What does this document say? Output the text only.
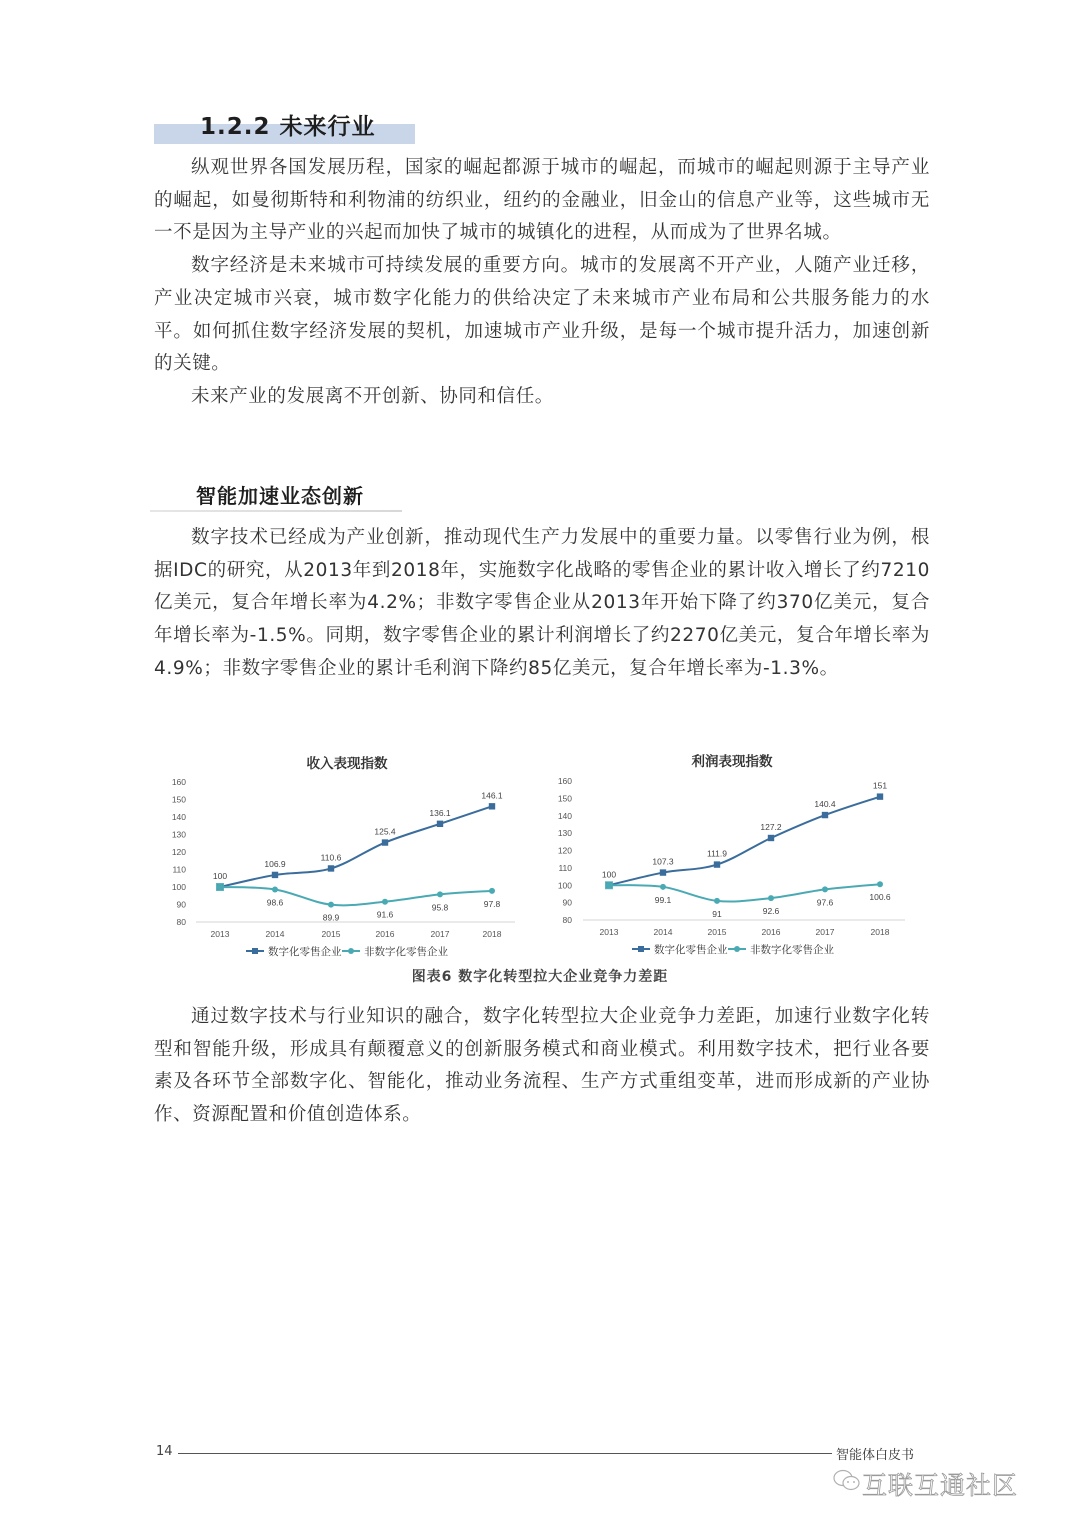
1.2.2 未来行业

纵观世界各国发展历程，国家的崛起都源于城市的崛起，而城市的崛起则源于主导产业的崛起，如曼彻斯特和利物浦的纺织业，纽约的金融业，旧金山的信息产业等，这些城市无一不是因为主导产业的兴起而加快了城市的城镇化的进程，从而成为了世界名城。

数字经济是未来城市可持续发展的重要方向。城市的发展离不开产业，人随产业迁移，产业决定城市兴衰，城市数字化能力的供给决定了未来城市产业布局和公共服务能力的水平。如何抓住数字经济发展的契机，加速城市产业升级，是每一个城市提升活力，加速创新的关键。

未来产业的发展离不开创新、协同和信任。

智能加速业态创新

数字技术已经成为产业创新，推动现代生产力发展中的重要力量。以零售行业为例，根据IDC的研究，从2013年到2018年，实施数字化战略的零售企业的累计收入增长了约7210亿美元，复合年增长率为4.2%；非数字零售企业从2013年开始下降了约370亿美元，复合年增长率为-1.5%。同期，数字零售企业的累计利润增长了约2270亿美元，复合年增长率为4.9%；非数字零售企业的累计毛利润下降约85亿美元，复合年增长率为-1.3%。

收入表现指数
160
150
140
130
120
110
100
90
80
2013	2014	2015	2016	2017	2018
100
106.9
110.6
125.4
136.1
146.1
98.6
89.9	91.6
95.8	97.8
数字化零售企业 非数字化零售企业
利润表现指数
160
150
140
130
120
110
100
90
80
2013	2014	2015	2016	2017	2018
100
107.3
111.9
127.2
140.4
151
99.1
91	92.6
97.6
100.6
数字化零售企业 非数字化零售企业
图表6 数字化转型拉大企业竞争力差距

通过数字技术与行业知识的融合，数字化转型拉大企业竞争力差距，加速行业数字化转型和智能升级，形成具有颠覆意义的创新服务模式和商业模式。利用数字技术，把行业各要素及各环节全部数字化、智能化，推动业务流程、生产方式重组变革，进而形成新的产业协作、资源配置和价值创造体系。

14	智能体白皮书
互联互通社区
